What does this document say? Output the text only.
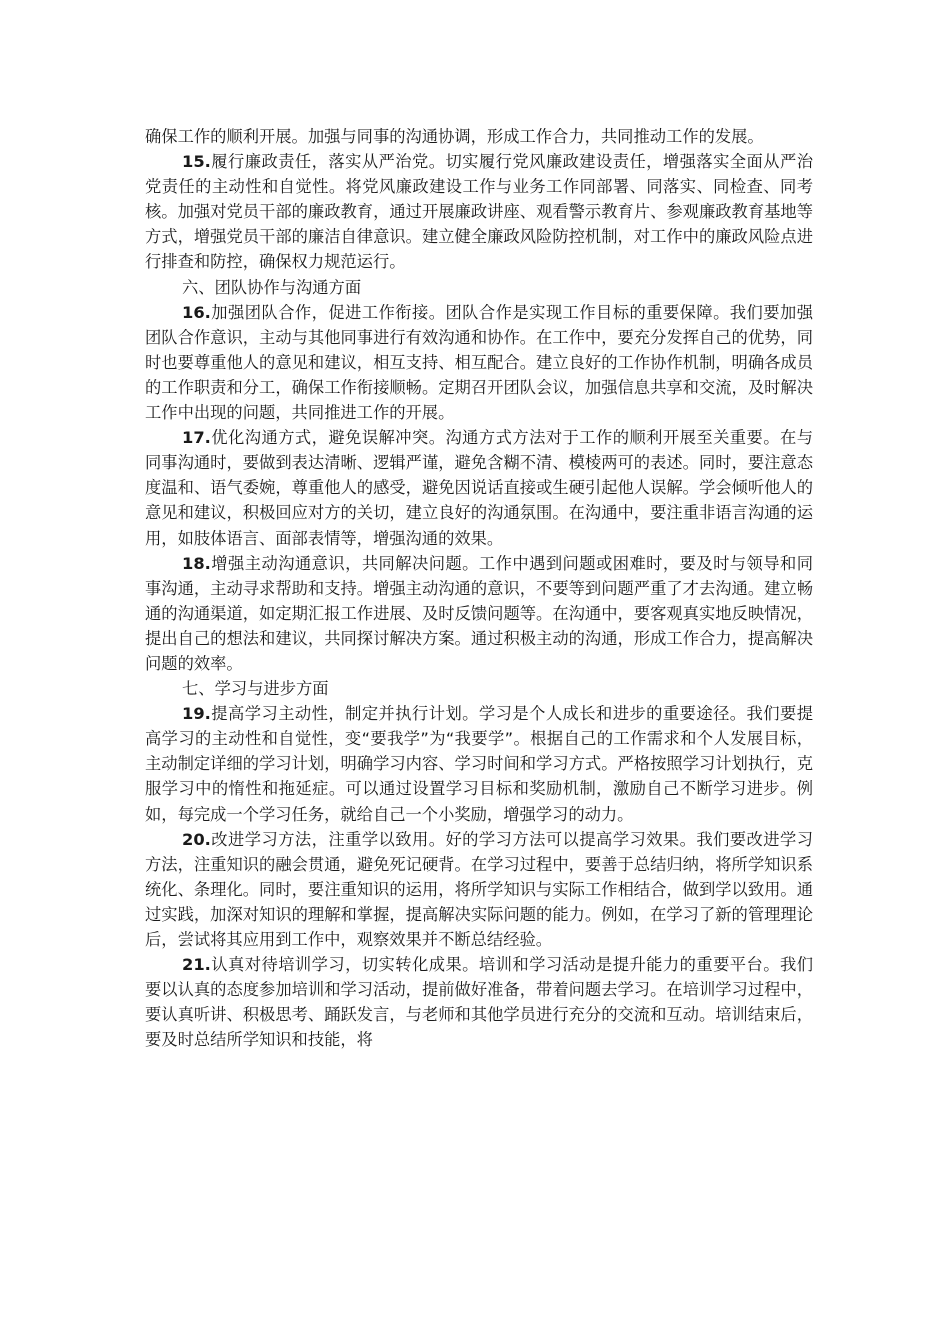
确保工作的顺利开展。加强与同事的沟通协调，形成工作合力，共同推动工作的发展。

15.履行廉政责任，落实从严治党。切实履行党风廉政建设责任，增强落实全面从严治党责任的主动性和自觉性。将党风廉政建设工作与业务工作同部署、同落实、同检查、同考核。加强对党员干部的廉政教育，通过开展廉政讲座、观看警示教育片、参观廉政教育基地等方式，增强党员干部的廉洁自律意识。建立健全廉政风险防控机制，对工作中的廉政风险点进行排查和防控，确保权力规范运行。

六、团队协作与沟通方面

16.加强团队合作，促进工作衔接。团队合作是实现工作目标的重要保障。我们要加强团队合作意识，主动与其他同事进行有效沟通和协作。在工作中，要充分发挥自己的优势，同时也要尊重他人的意见和建议，相互支持、相互配合。建立良好的工作协作机制，明确各成员的工作职责和分工，确保工作衔接顺畅。定期召开团队会议，加强信息共享和交流，及时解决工作中出现的问题，共同推进工作的开展。

17.优化沟通方式，避免误解冲突。沟通方式方法对于工作的顺利开展至关重要。在与同事沟通时，要做到表达清晰、逻辑严谨，避免含糊不清、模棱两可的表述。同时，要注意态度温和、语气委婉，尊重他人的感受，避免因说话直接或生硬引起他人误解。学会倾听他人的意见和建议，积极回应对方的关切，建立良好的沟通氛围。在沟通中，要注重非语言沟通的运用，如肢体语言、面部表情等，增强沟通的效果。

18.增强主动沟通意识，共同解决问题。工作中遇到问题或困难时，要及时与领导和同事沟通，主动寻求帮助和支持。增强主动沟通的意识，不要等到问题严重了才去沟通。建立畅通的沟通渠道，如定期汇报工作进展、及时反馈问题等。在沟通中，要客观真实地反映情况，提出自己的想法和建议，共同探讨解决方案。通过积极主动的沟通，形成工作合力，提高解决问题的效率。

七、学习与进步方面

19.提高学习主动性，制定并执行计划。学习是个人成长和进步的重要途径。我们要提高学习的主动性和自觉性，变“要我学”为“我要学”。根据自己的工作需求和个人发展目标，主动制定详细的学习计划，明确学习内容、学习时间和学习方式。严格按照学习计划执行，克服学习中的惰性和拖延症。可以通过设置学习目标和奖励机制，激励自己不断学习进步。例如，每完成一个学习任务，就给自己一个小奖励，增强学习的动力。

20.改进学习方法，注重学以致用。好的学习方法可以提高学习效果。我们要改进学习方法，注重知识的融会贯通，避免死记硬背。在学习过程中，要善于总结归纳，将所学知识系统化、条理化。同时，要注重知识的运用，将所学知识与实际工作相结合，做到学以致用。通过实践，加深对知识的理解和掌握，提高解决实际问题的能力。例如，在学习了新的管理理论后，尝试将其应用到工作中，观察效果并不断总结经验。

21.认真对待培训学习，切实转化成果。培训和学习活动是提升能力的重要平台。我们要以认真的态度参加培训和学习活动，提前做好准备，带着问题去学习。在培训学习过程中，要认真听讲、积极思考、踊跃发言，与老师和其他学员进行充分的交流和互动。培训结束后，要及时总结所学知识和技能，将
